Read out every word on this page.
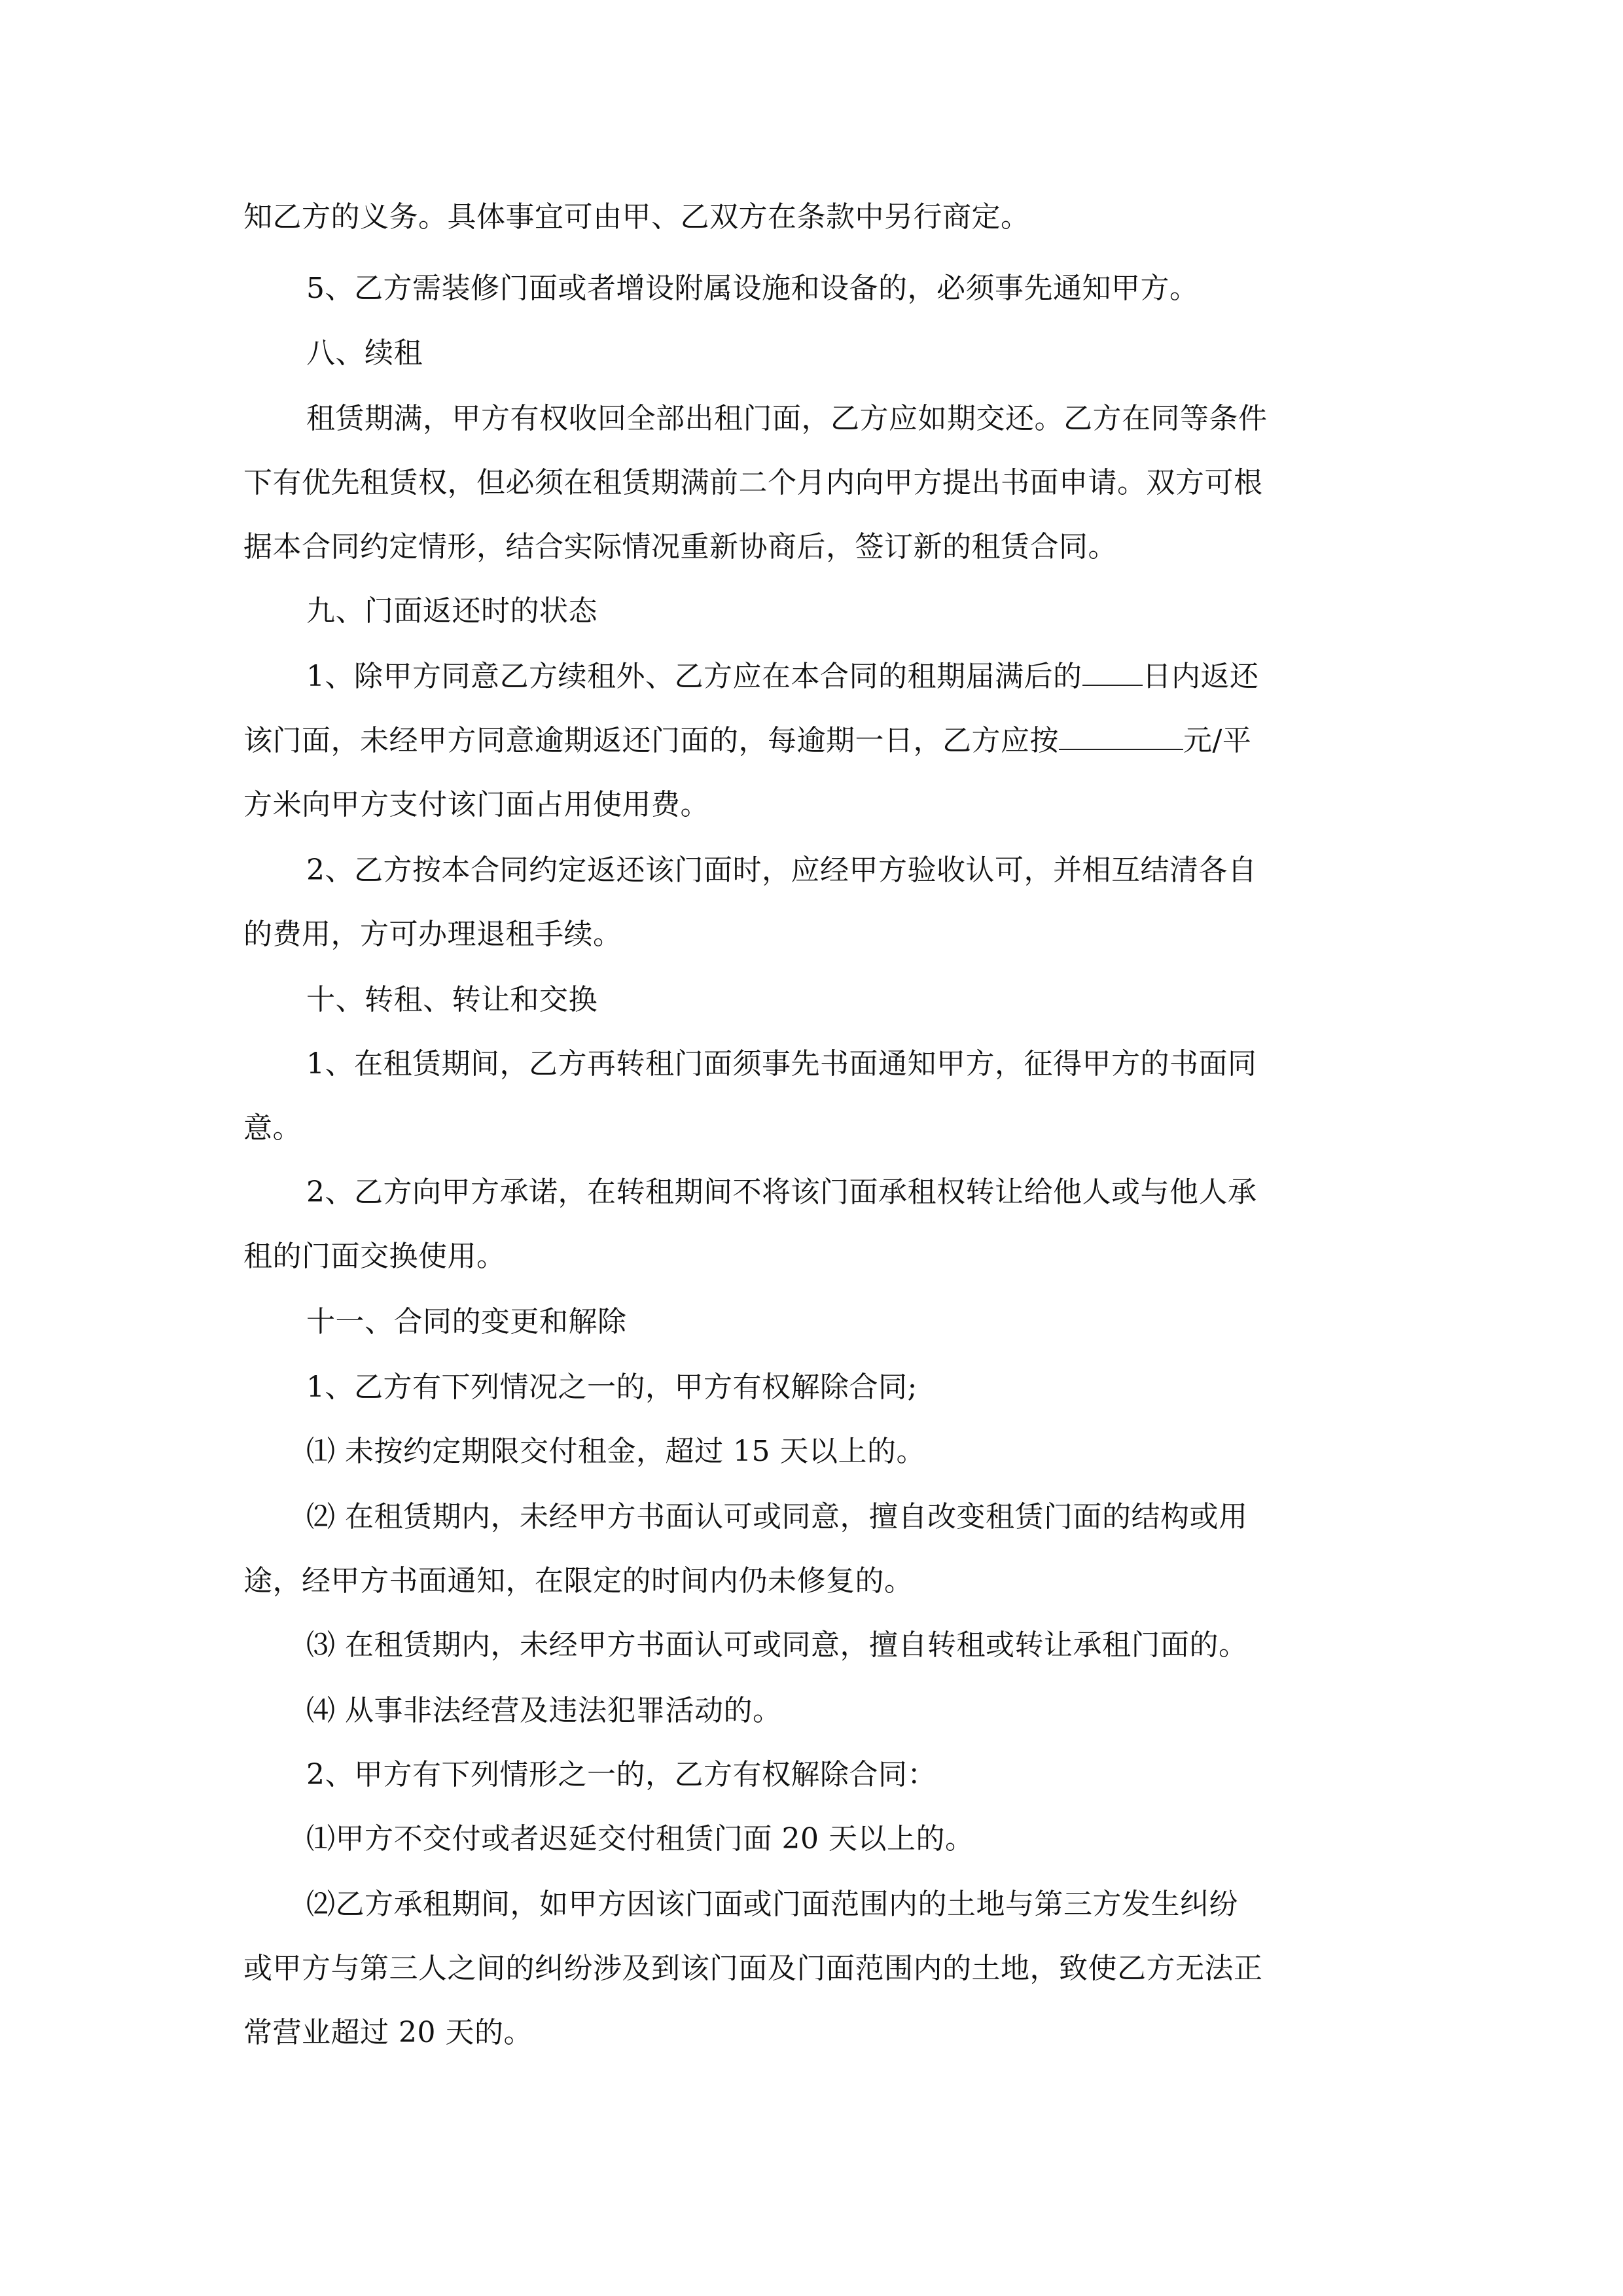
知乙方的义务。具体事宜可由甲、乙双方在条款中另行商定。
5、乙方需装修门面或者增设附属设施和设备的，必须事先通知甲方。
八、续租
租赁期满，甲方有权收回全部出租门面，乙方应如期交还。乙方在同等条件
下有优先租赁权，但必须在租赁期满前二个月内向甲方提出书面申请。双方可根
据本合同约定情形，结合实际情况重新协商后，签订新的租赁合同。
九、门面返还时的状态
1、除甲方同意乙方续租外、乙方应在本合同的租期届满后的 日内返还
该门面，未经甲方同意逾期返还门面的，每逾期一日，乙方应按	元/平
方米向甲方支付该门面占用使用费。
2、乙方按本合同约定返还该门面时，应经甲方验收认可，并相互结清各自
的费用，方可办理退租手续。
十、转租、转让和交换
1、在租赁期间，乙方再转租门面须事先书面通知甲方，征得甲方的书面同
意。
2、乙方向甲方承诺，在转租期间不将该门面承租权转让给他人或与他人承
租的门面交换使用。
十一、合同的变更和解除
1、乙方有下列情况之一的，甲方有权解除合同;
⑴ 未按约定期限交付租金，超过 15 天以上的。
⑵ 在租赁期内，未经甲方书面认可或同意，擅自改变租赁门面的结构或用
途，经甲方书面通知，在限定的时间内仍未修复的。
⑶ 在租赁期内，未经甲方书面认可或同意，擅自转租或转让承租门面的。
⑷ 从事非法经营及违法犯罪活动的。
2、甲方有下列情形之一的，乙方有权解除合同：
⑴甲方不交付或者迟延交付租赁门面 20 天以上的。
⑵乙方承租期间，如甲方因该门面或门面范围内的土地与第三方发生纠纷
或甲方与第三人之间的纠纷涉及到该门面及门面范围内的土地，致使乙方无法正
常营业超过 20 天的。
